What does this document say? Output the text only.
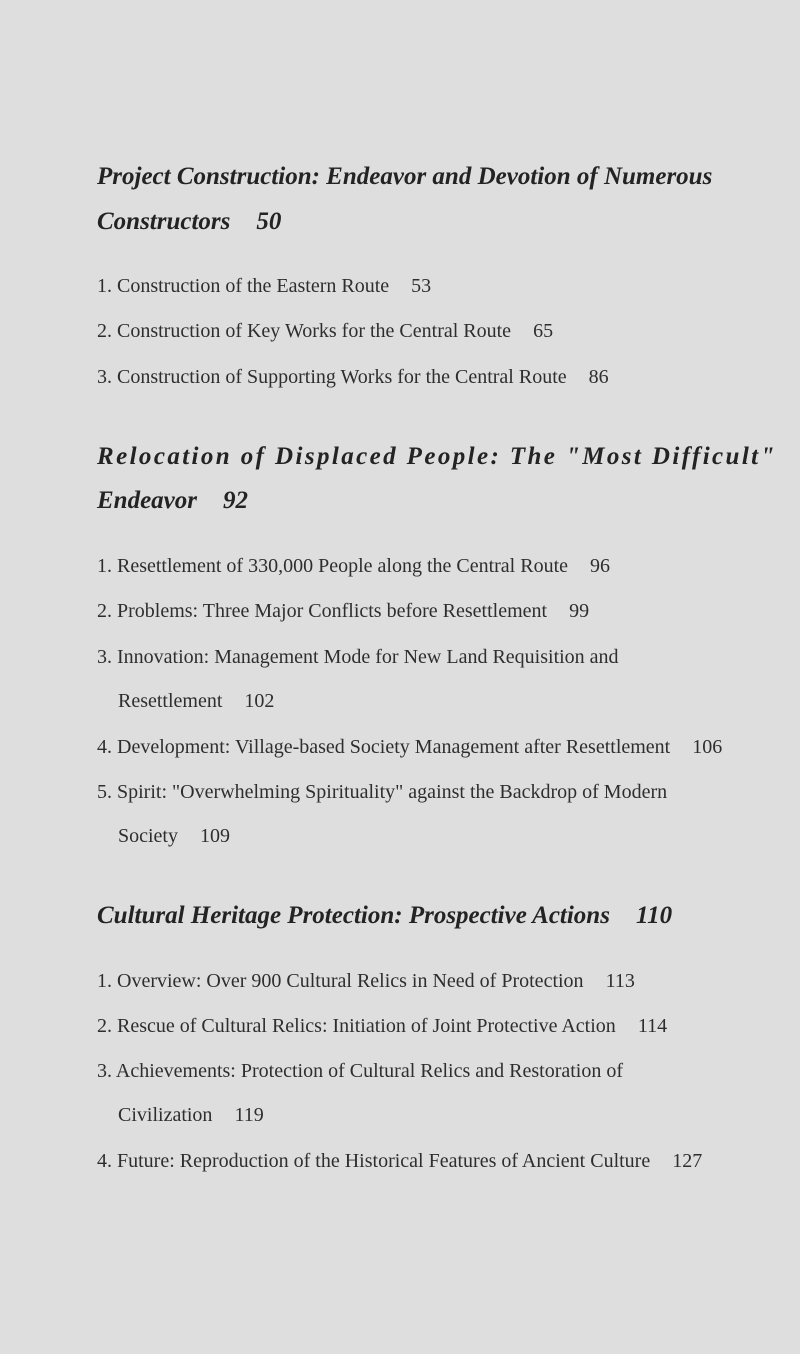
Project Construction: Endeavor and Devotion of Numerous
Constructors 50
1. Construction of the Eastern Route 53
2. Construction of Key Works for the Central Route 65
3. Construction of Supporting Works for the Central Route 86
Relocation of Displaced People: The "Most Difficult"
Endeavor 92
1. Resettlement of 330,000 People along the Central Route 96
2. Problems: Three Major Conflicts before Resettlement 99
3. Innovation: Management Mode for New Land Requisition and
Resettlement 102
4. Development: Village-based Society Management after Resettlement 106
5. Spirit: "Overwhelming Spirituality" against the Backdrop of Modern
Society 109
Cultural Heritage Protection: Prospective Actions 110
1. Overview: Over 900 Cultural Relics in Need of Protection 113
2. Rescue of Cultural Relics: Initiation of Joint Protective Action 114
3. Achievements: Protection of Cultural Relics and Restoration of
Civilization 119
4. Future: Reproduction of the Historical Features of Ancient Culture 127
